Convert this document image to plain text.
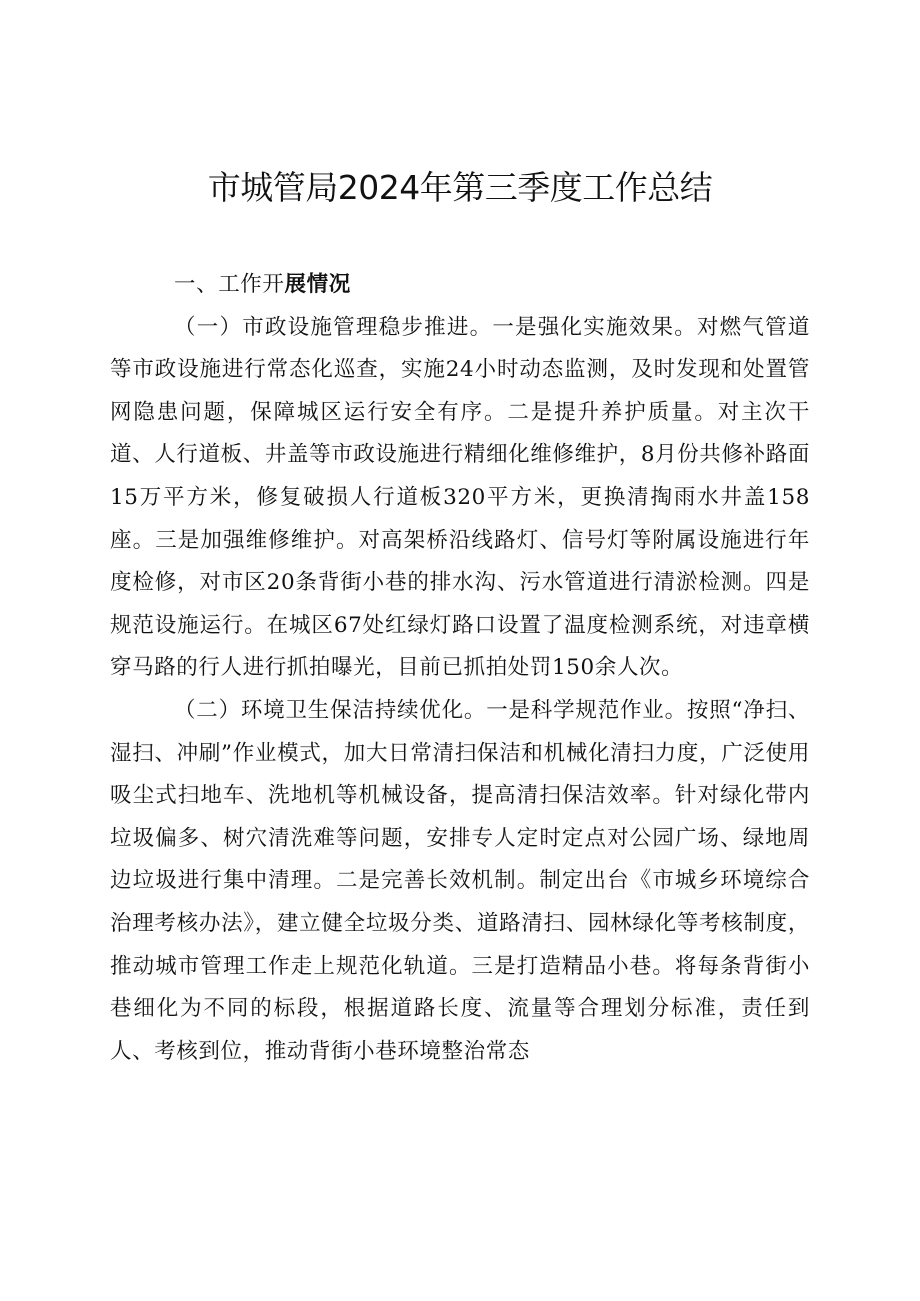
市城管局2024年第三季度工作总结

一、工作开展情况

（一）市政设施管理稳步推进。一是强化实施效果。对燃气管道等市政设施进行常态化巡查，实施24小时动态监测，及时发现和处置管网隐患问题，保障城区运行安全有序。二是提升养护质量。对主次干道、人行道板、井盖等市政设施进行精细化维修维护，8月份共修补路面15万平方米，修复破损人行道板320平方米，更换清掏雨水井盖158座。三是加强维修维护。对高架桥沿线路灯、信号灯等附属设施进行年度检修，对市区20条背街小巷的排水沟、污水管道进行清淤检测。四是规范设施运行。在城区67处红绿灯路口设置了温度检测系统，对违章横穿马路的行人进行抓拍曝光，目前已抓拍处罚150余人次。

（二）环境卫生保洁持续优化。一是科学规范作业。按照“净扫、湿扫、冲刷”作业模式，加大日常清扫保洁和机械化清扫力度，广泛使用吸尘式扫地车、洗地机等机械设备，提高清扫保洁效率。针对绿化带内垃圾偏多、树穴清洗难等问题，安排专人定时定点对公园广场、绿地周边垃圾进行集中清理。二是完善长效机制。制定出台《市城乡环境综合治理考核办法》，建立健全垃圾分类、道路清扫、园林绿化等考核制度，推动城市管理工作走上规范化轨道。三是打造精品小巷。将每条背街小巷细化为不同的标段，根据道路长度、流量等合理划分标准，责任到人、考核到位，推动背街小巷环境整治常态
